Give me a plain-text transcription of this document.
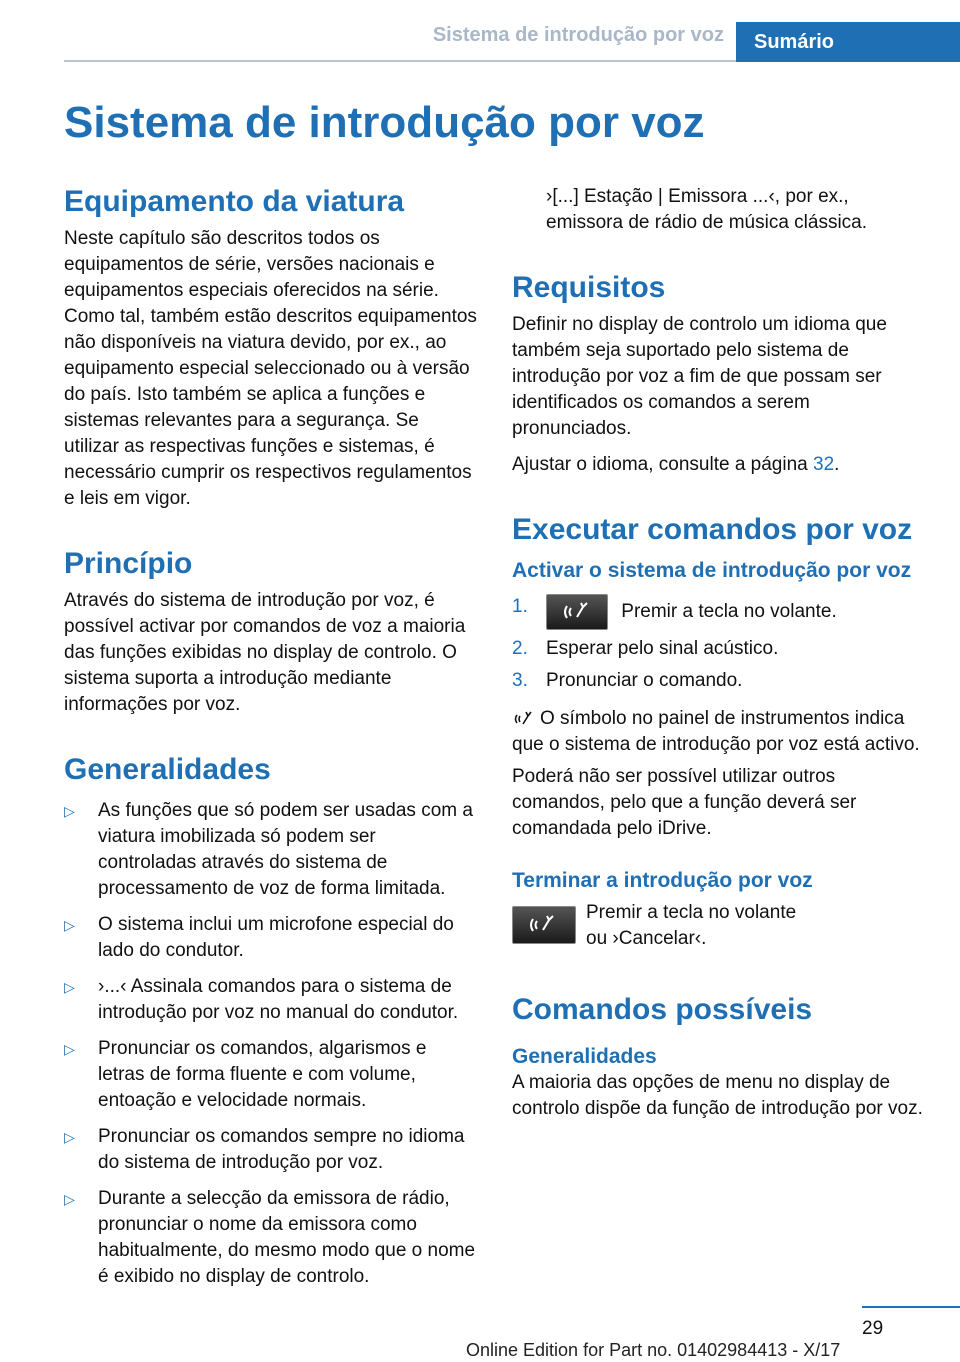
Sistema de introdução por voz	Sumário
Sistema de introdução por voz
Equipamento da viatura

Neste capítulo são descritos todos os equipamentos de série, versões nacionais e equipamentos especiais oferecidos na série. Como tal, também estão descritos equipamentos não disponíveis na viatura devido, por ex., ao equipamento especial seleccionado ou à versão do país. Isto também se aplica a funções e sistemas relevantes para a segurança. Se utilizar as respectivas funções e sistemas, é necessário cumprir os respectivos regulamentos e leis em vigor.

Princípio

Através do sistema de introdução por voz, é possível activar por comandos de voz a maioria das funções exibidas no display de controlo. O sistema suporta a introdução mediante informações por voz.

Generalidades
▷ As funções que só podem ser usadas com a viatura imobilizada só podem ser controladas através do sistema de processamento de voz de forma limitada.
▷ O sistema inclui um microfone especial do lado do condutor.
▷ ›...‹ Assinala comandos para o sistema de introdução por voz no manual do condutor.
▷ Pronunciar os comandos, algarismos e letras de forma fluente e com volume, entoação e velocidade normais.
▷ Pronunciar os comandos sempre no idioma do sistema de introdução por voz.
▷ Durante a selecção da emissora de rádio, pronunciar o nome da emissora como habitualmente, do mesmo modo que o nome é exibido no display de controlo.

›[...] Estação | Emissora ...‹, por ex., emissora de rádio de música clássica.

Requisitos

Definir no display de controlo um idioma que também seja suportado pelo sistema de introdução por voz a fim de que possam ser identificados os comandos a serem pronunciados.

Ajustar o idioma, consulte a página 32.

Executar comandos por voz
Activar o sistema de introdução por voz
1.	Premir a tecla no volante.
2. Esperar pelo sinal acústico.
3. Pronunciar o comando.

O símbolo no painel de instrumentos indica que o sistema de introdução por voz está activo.

Poderá não ser possível utilizar outros comandos, pelo que a função deverá ser comandada pelo iDrive.

Terminar a introdução por voz
Premir a tecla no volante
ou ›Cancelar‹.
Comandos possíveis
Generalidades

A maioria das opções de menu no display de controlo dispõe da função de introdução por voz.

29
Online Edition for Part no. 01402984413 - X/17
